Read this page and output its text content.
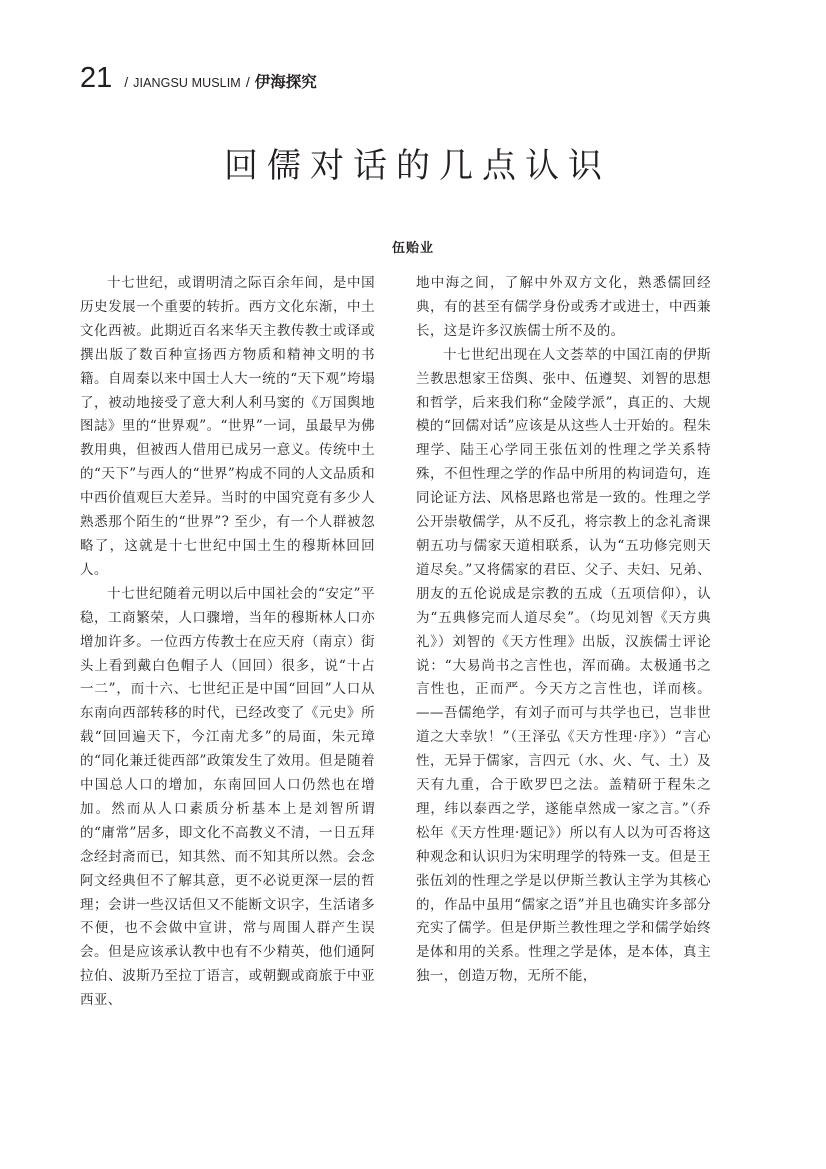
21 / JIANGSU MUSLIM / 伊海探究
回儒对话的几点认识
伍贻业

十七世纪，或谓明清之际百余年间，是中国历史发展一个重要的转折。西方文化东渐，中土文化西被。此期近百名来华天主教传教士或译或撰出版了数百种宣扬西方物质和精神文明的书籍。自周秦以来中国士人大一统的“天下观”垮塌了，被动地接受了意大利人利马窦的《万国舆地图誌》里的“世界观”。“世界”一词，虽最早为佛教用典，但被西人借用已成另一意义。传统中土的“天下”与西人的“世界”构成不同的人文品质和中西价值观巨大差异。当时的中国究竟有多少人熟悉那个陌生的“世界”? 至少，有一个人群被忽略了，这就是十七世纪中国土生的穆斯林回回人。

十七世纪随着元明以后中国社会的“安定”平稳，工商繁荣，人口骤增，当年的穆斯林人口亦增加许多。一位西方传教士在应天府（南京）街头上看到戴白色帽子人（回回）很多，说“十占一二”，而十六、七世纪正是中国“回回”人口从东南向西部转移的时代，已经改变了《元史》所载“回回遍天下，今江南尤多”的局面，朱元璋的“同化兼迁徙西部”政策发生了效用。但是随着中国总人口的增加，东南回回人口仍然也在增加。然而从人口素质分析基本上是刘智所谓的“庸常”居多，即文化不高教义不清，一日五拜念经封斋而已，知其然、而不知其所以然。会念阿文经典但不了解其意，更不必说更深一层的哲理；会讲一些汉话但又不能断文识字，生活诸多不便，也不会做中宣讲，常与周围人群产生误会。但是应该承认教中也有不少精英，他们通阿拉伯、波斯乃至拉丁语言，或朝觐或商旅于中亚西亚、

地中海之间，了解中外双方文化，熟悉儒回经典，有的甚至有儒学身份或秀才或进士，中西兼长，这是许多汉族儒士所不及的。

十七世纪出现在人文荟萃的中国江南的伊斯兰教思想家王岱舆、张中、伍遵契、刘智的思想和哲学，后来我们称“金陵学派”，真正的、大规模的“回儒对话”应该是从这些人士开始的。程朱理学、陆王心学同王张伍刘的性理之学关系特殊，不但性理之学的作品中所用的构词造句，连同论证方法、风格思路也常是一致的。性理之学公开崇敬儒学，从不反孔，将宗教上的念礼斋课朝五功与儒家天道相联系，认为“五功修完则天道尽矣。”又将儒家的君臣、父子、夫妇、兄弟、朋友的五伦说成是宗教的五成（五项信仰），认为“五典修完而人道尽矣”。（均见刘智《天方典礼》）刘智的《天方性理》出版，汉族儒士评论说：“大易尚书之言性也，浑而确。太极通书之言性也，正而严。今天方之言性也，详而核。——吾儒绝学，有刘子而可与共学也已，岂非世道之大幸欤！”（王泽弘《天方性理·序》）“言心性，无异于儒家，言四元（水、火、气、土）及天有九重，合于欧罗巴之法。盖精研于程朱之理，纬以泰西之学，遂能卓然成一家之言。”（乔松年《天方性理·题记》）所以有人以为可否将这种观念和认识归为宋明理学的特殊一支。但是王张伍刘的性理之学是以伊斯兰教认主学为其核心的，作品中虽用“儒家之语”并且也确实许多部分充实了儒学。但是伊斯兰教性理之学和儒学始终是体和用的关系。性理之学是体，是本体，真主独一，创造万物，无所不能，
